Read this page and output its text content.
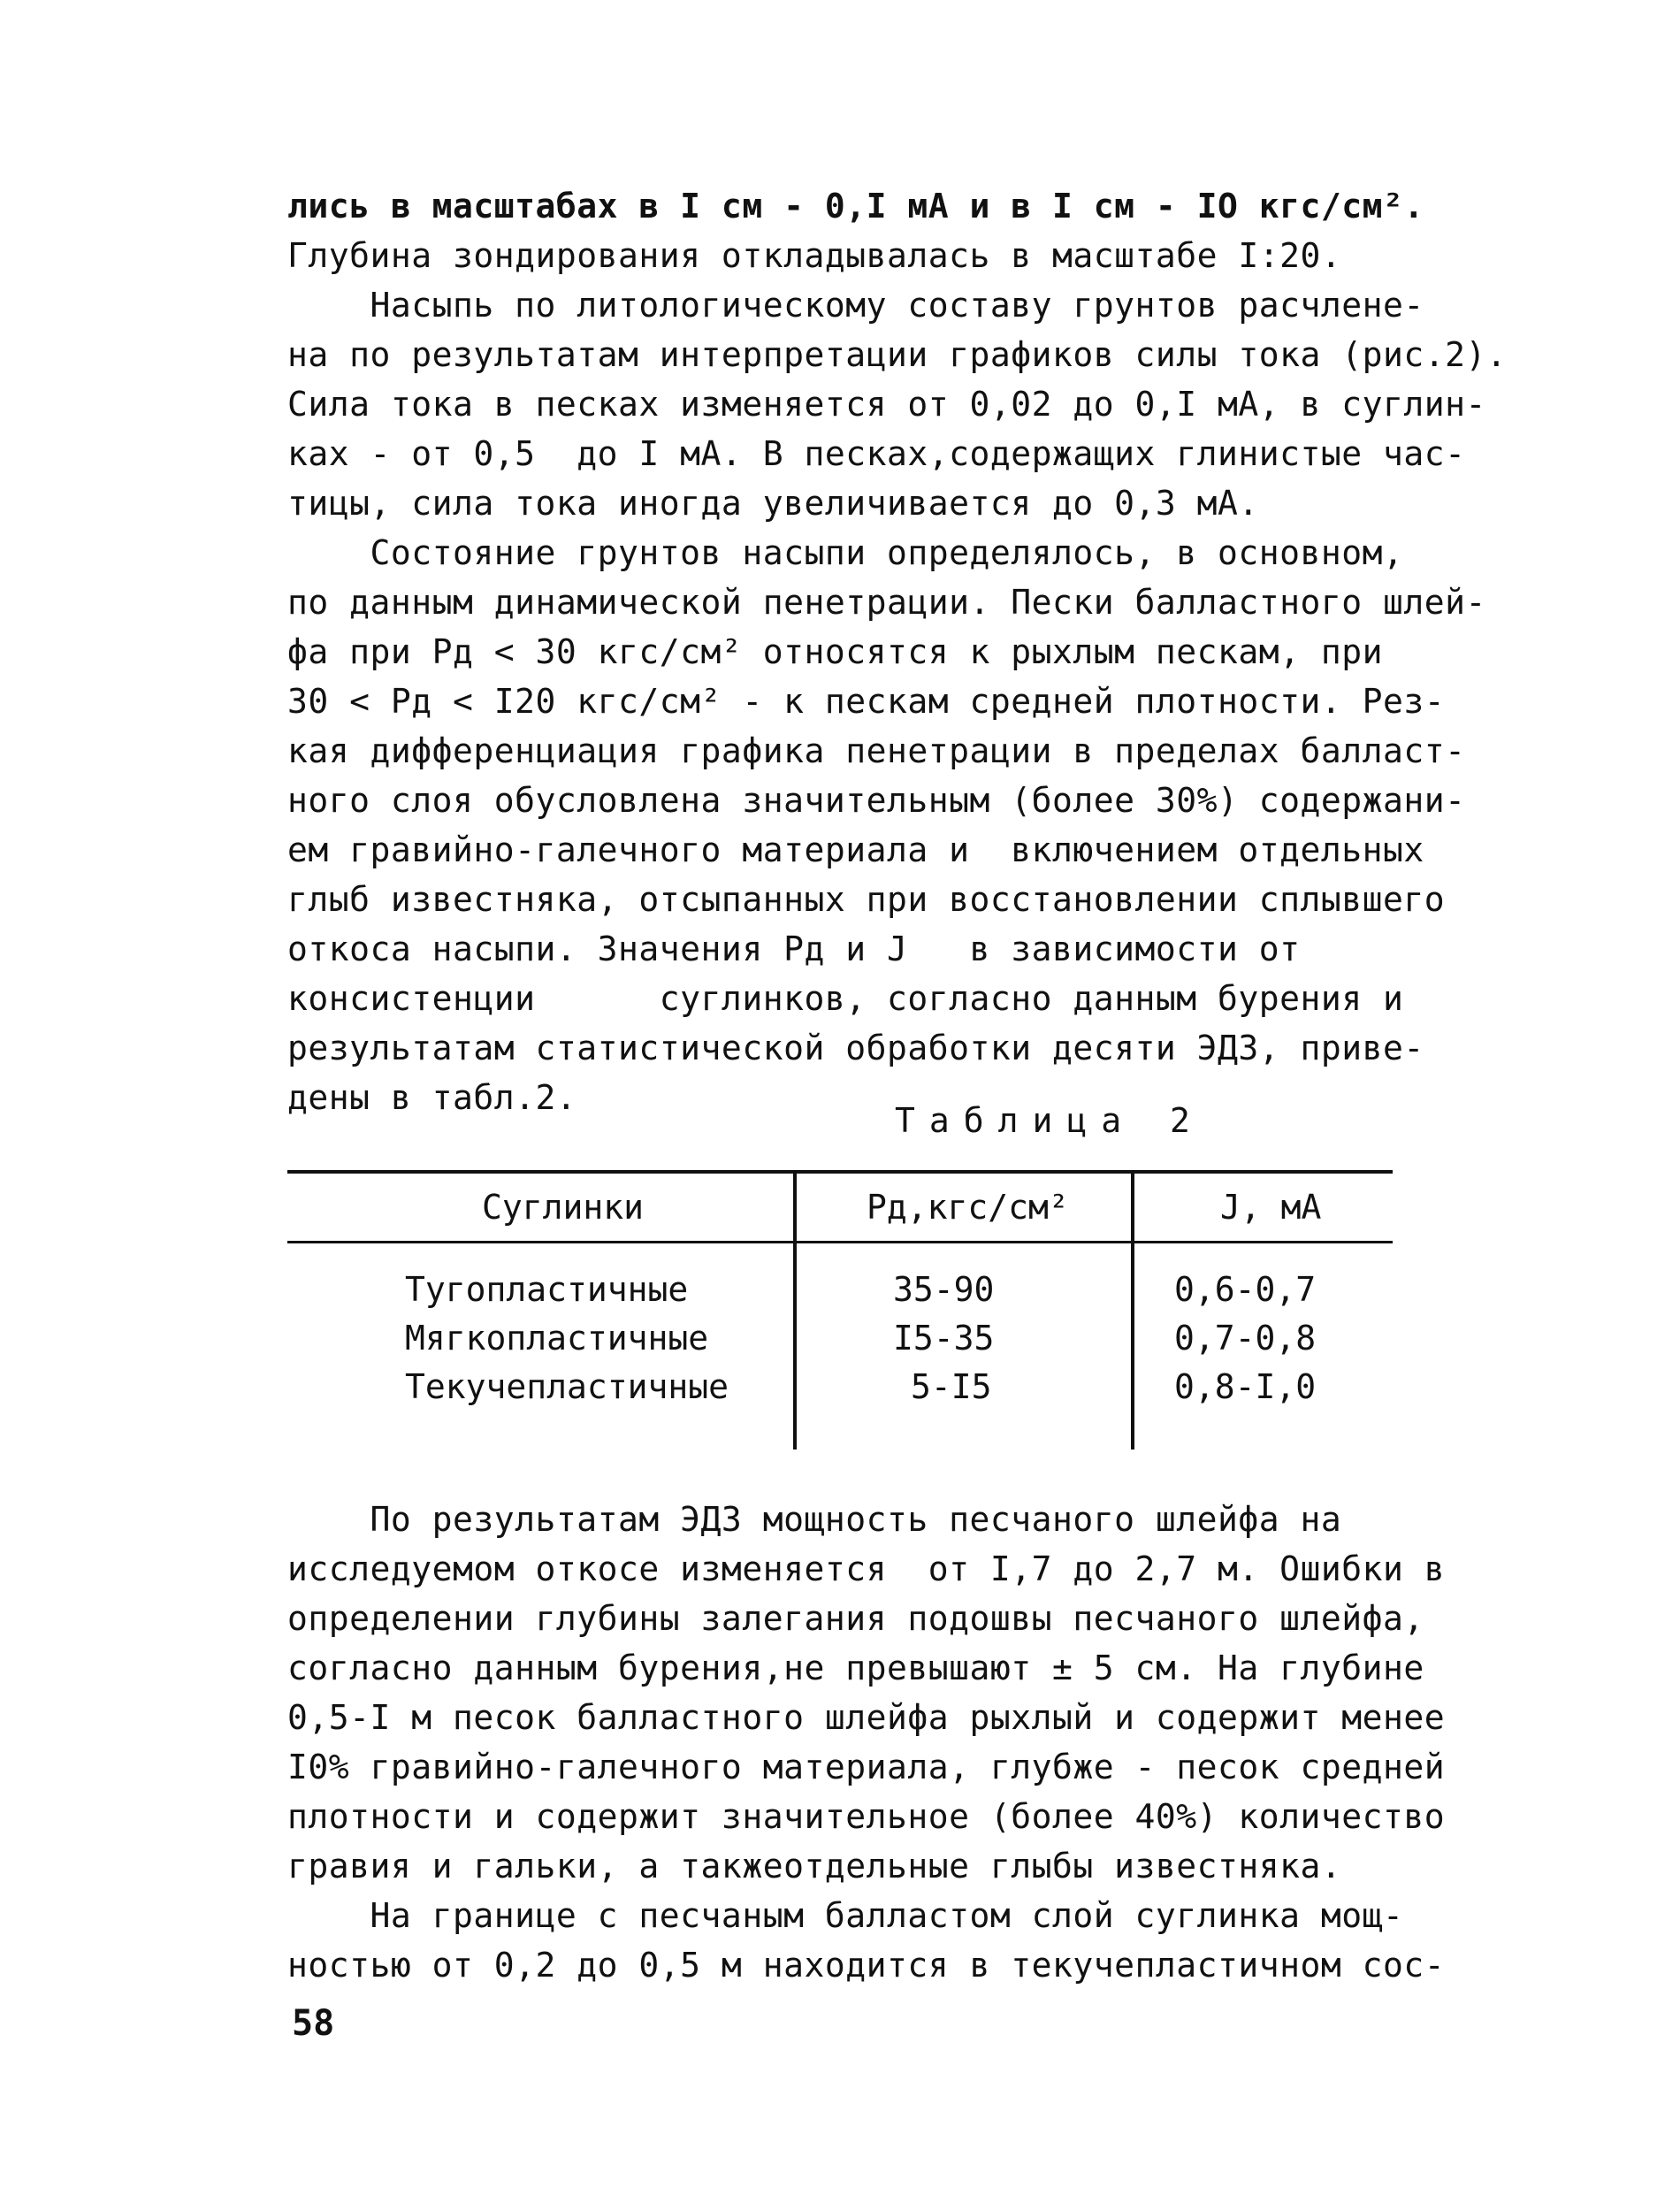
лись в масштабах в I см - 0,I мА и в I см - IO кгс/см².
Глубина зондирования откладывалась в масштабе I:20.
Насыпь по литологическому составу грунтов расчлене-
на по результатам интерпретации графиков силы тока (рис.2).
Сила тока в песках изменяется от 0,02 до 0,I мА, в суглин-
ках - от 0,5  до I мА. В песках,содержащих глинистые час-
тицы, сила тока иногда увеличивается до 0,3 мА.
Состояние грунтов насыпи определялось, в основном,
по данным динамической пенетрации. Пески балластного шлей-
фа при Pд < 30 кгс/см² относятся к рыхлым пескам, при
30 < Pд < I20 кгс/см² - к пескам средней плотности. Рез-
кая дифференциация графика пенетрации в пределах балласт-
ного слоя обусловлена значительным (более 30%) содержани-
ем гравийно-галечного материала и  включением отдельных
глыб известняка, отсыпанных при восстановлении сплывшего
откоса насыпи. Значения Pд и J   в зависимости от
консистенции      суглинков, согласно данным бурения и
результатам статистической обработки десяти ЭДЗ, приве-
дены в табл.2.
Таблица 2
Суглинки	Pд,кгс/см²	J, мА
Тугопластичные	35-90	0,6-0,7
Мягкопластичные	I5-35	0,7-0,8
Текучепластичные	5-I5	0,8-I,0
По результатам ЭДЗ мощность песчаного шлейфа на
исследуемом откосе изменяется  от I,7 до 2,7 м. Ошибки в
определении глубины залегания подошвы песчаного шлейфа,
согласно данным бурения,не превышают ± 5 см. На глубине
0,5-I м песок балластного шлейфа рыхлый и содержит менее
I0% гравийно-галечного материала, глубже - песок средней
плотности и содержит значительное (более 40%) количество
гравия и гальки, а такжеотдельные глыбы известняка.
На границе с песчаным балластом слой суглинка мощ-
ностью от 0,2 до 0,5 м находится в текучепластичном сос-
58
